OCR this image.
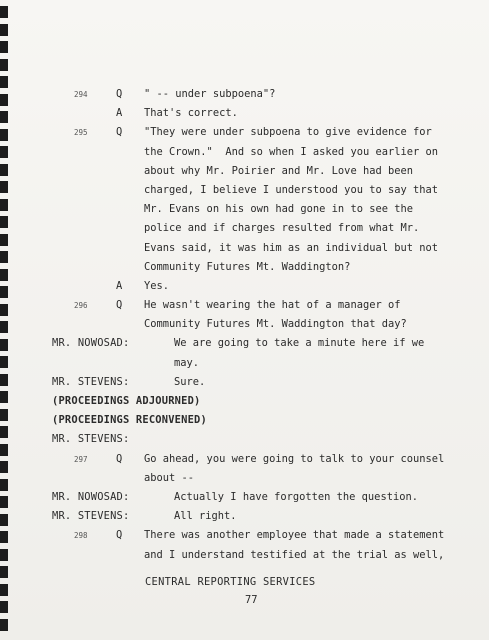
294	Q	" -- under subpoena"?
A	That's correct.
295	Q	"They were under subpoena to give evidence for
the Crown."  And so when I asked you earlier on
about why Mr. Poirier and Mr. Love had been
charged, I believe I understood you to say that
Mr. Evans on his own had gone in to see the
police and if charges resulted from what Mr.
Evans said, it was him as an individual but not
Community Futures Mt. Waddington?
A	Yes.
296	Q	He wasn't wearing the hat of a manager of
Community Futures Mt. Waddington that day?
MR. NOWOSAD:	We are going to take a minute here if we
may.
MR. STEVENS:	Sure.
(PROCEEDINGS ADJOURNED)
(PROCEEDINGS RECONVENED)
MR. STEVENS:
297	Q	Go ahead, you were going to talk to your counsel
about --
MR. NOWOSAD:	Actually I have forgotten the question.
MR. STEVENS:	All right.
298	Q	There was another employee that made a statement
and I understand testified at the trial as well,
CENTRAL REPORTING SERVICES
77
